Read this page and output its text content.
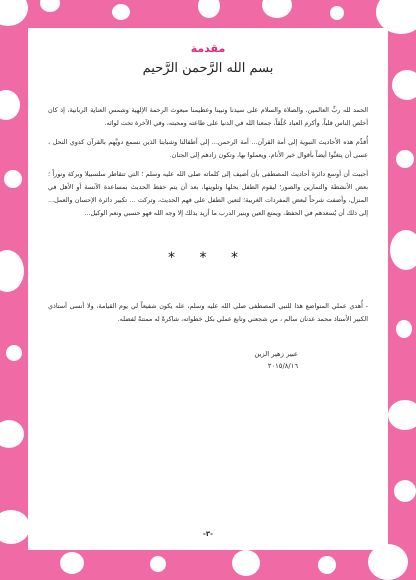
مقدمة
بسم الله الرَّحمن الرَّحيم

الحمد لله ربِّ العالمين، والصلاة والسلام على سيدنا ونبينا وعظيمنا مبعوث الرحمة الإلهية وشمس العناية الربانية، إذ كان أخلص الناس قلباً، وأكرم العباد خُلُقاً، جمعنا الله في الدنيا على طاعته ومحبته، وفي الآخرة تحت لوائه.

أُقدِّم هذه الأحاديث النبوية إلى أمة القرآن... أمة الرحمن... إلى أطفالنا وشبابنا الذين نسمع دويَّهم بالقرآن كدوي النحل ، عسى أن يتغنَّوا أيضاً بأقوال خير الأنام، ويعملوا بها، وتكون زادهم إلى الجنان.

أحببت أن أوسع دائرة أحاديث المصطفى بأن أضيف إلى كلماته صلى الله عليه وسلم ؛ التي تتقاطر سلسبيلا وبركة ونوراً ؛ بعض الأنشطة والتمارين والصور؛ ليقوم الطفل بحلها وتلوينها، بعد أن يتم حفظ الحديث بمساعدة الآنسة أو الأهل في المنزل، وأضفت شرحاً لبعض المفردات الغريبة؛ لتعين الطفل على فهم الحديث، وتركت ... تكبير دائرة الإحسان والعمل... إلى ذلك أن يُسعدهم في الحفظ، ويمتع العين وينير الدرب ما أريد بذلك إلا وجه الله فهو حسبي ونعم الوكيل...

* * *

- أُهدي عملي المتواضع هذا للنبي المصطفى صلى الله عليه وسلم، عله يكون شفيعاً لي يوم القيامة، ولا أنسى أستاذي الكبير الأستاذ محمد عدنان سالم ، من شجعني وتابع عملي بكل خطواته، شاكرةً له ممتنةً لفضله.

عبير زهير الزين
٢٠١٥/٨/١٦
-٣-
